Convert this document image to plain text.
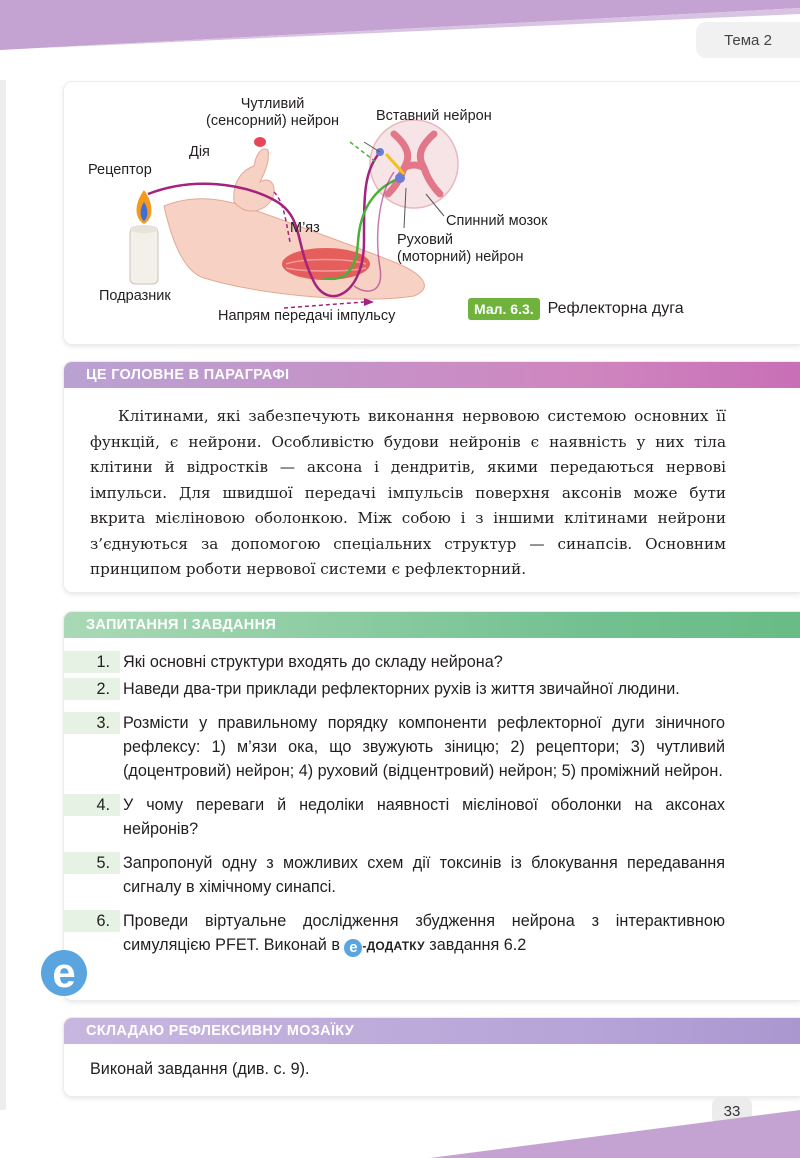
Тема 2
Чутливий
(сенсорний) нейрон	Вставний нейрон
Дія
Рецептор
Спинний мозок
М’яз
Руховий
(моторний) нейрон
Подразник
Напрям передачі імпульсу	Мал. 6.3. Рефлекторна дуга
ЦЕ ГОЛОВНЕ В ПАРАГРАФІ

Клітинами, які забезпечують виконання нервовою системою основних її функцій, є нейрони. Особливістю будови нейронів є наявність у них тіла клітини й відростків — аксона і дендритів, якими передаються нервові імпульси. Для швидшої передачі імпульсів поверхня аксонів може бути вкрита мієліновою оболонкою. Між собою і з іншими клітинами нейрони з’єднуються за допомогою спеціальних структур — синапсів. Основним принципом роботи нервової системи є рефлекторний.

ЗАПИТАННЯ І ЗАВДАННЯ
1. Які основні структури входять до складу нейрона?
2. Наведи два-три приклади рефлекторних рухів із життя звичайної людини.
3. Розмісти у правильному порядку компоненти рефлекторної дуги зіничного рефлексу: 1) м’язи ока, що звужують зіницю; 2) рецептори; 3) чутливий (доцентровий) нейрон; 4) руховий (відцентровий) нейрон; 5) проміжний нейрон.
4. У чому переваги й недоліки наявності мієлінової оболонки на аксонах нейронів?
5. Запропонуй одну з можливих схем дії токсинів із блокування передавання сигналу в хімічному синапсі.
6. Проведи віртуальне дослідження збудження нейрона з інтерактивною симуляцією PFET. Виконай в e -ДОДАТКУ завдання 6.2
e
СКЛАДАЮ РЕФЛЕКСИВНУ МОЗАЇКУ

Виконай завдання (див. с. 9).

33
